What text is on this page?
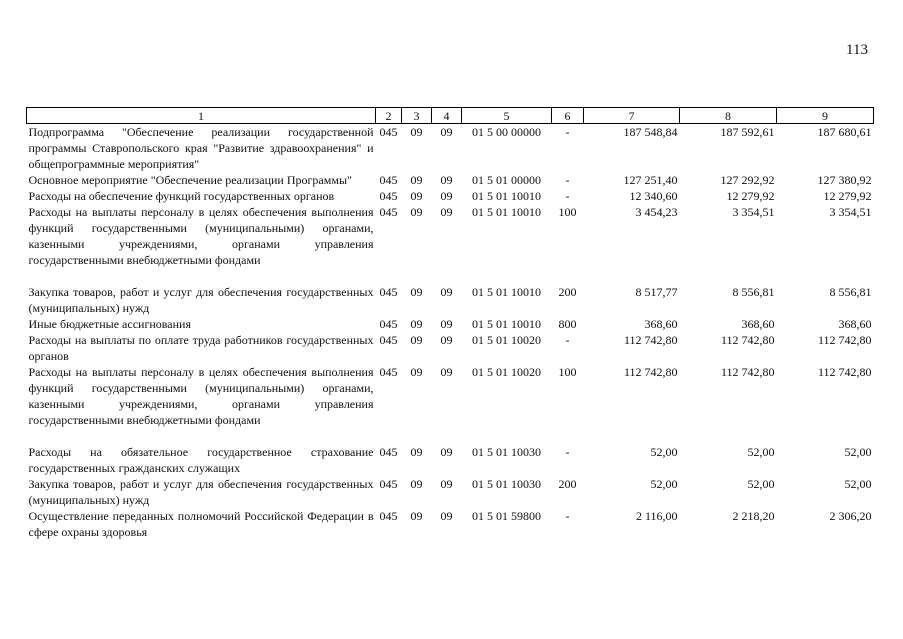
113
1	2	3	4	5	6	7	8	9
Подпрограмма "Обеспечение реализации государственной программы Ставропольского края "Развитие здравоохранения" и общепрограммные мероприятия"	045	09	09	01 5 00 00000	-	187 548,84	187 592,61	187 680,61
Основное мероприятие "Обеспечение реализации Программы"	045	09	09	01 5 01 00000	-	127 251,40	127 292,92	127 380,92
Расходы на обеспечение функций государственных органов	045	09	09	01 5 01 10010	-	12 340,60	12 279,92	12 279,92
Расходы на выплаты персоналу в целях обеспечения выполнения функций государственными (муниципальными) органами, казенными учреждениями, органами управления государственными внебюджетными фондами	045	09	09	01 5 01 10010	100	3 454,23	3 354,51	3 354,51

Закупка товаров, работ и услуг для обеспечения государственных (муниципальных) нужд	045	09	09	01 5 01 10010	200	8 517,77	8 556,81	8 556,81
Иные бюджетные ассигнования	045	09	09	01 5 01 10010	800	368,60	368,60	368,60
Расходы на выплаты по оплате труда работников государственных органов	045	09	09	01 5 01 10020	-	112 742,80	112 742,80	112 742,80
Расходы на выплаты персоналу в целях обеспечения выполнения функций государственными (муниципальными) органами, казенными учреждениями, органами управления государственными внебюджетными фондами	045	09	09	01 5 01 10020	100	112 742,80	112 742,80	112 742,80

Расходы на обязательное государственное страхование государственных гражданских служащих	045	09	09	01 5 01 10030	-	52,00	52,00	52,00
Закупка товаров, работ и услуг для обеспечения государственных (муниципальных) нужд	045	09	09	01 5 01 10030	200	52,00	52,00	52,00
Осуществление переданных полномочий Российской Федерации в сфере охраны здоровья	045	09	09	01 5 01 59800	-	2 116,00	2 218,20	2 306,20
